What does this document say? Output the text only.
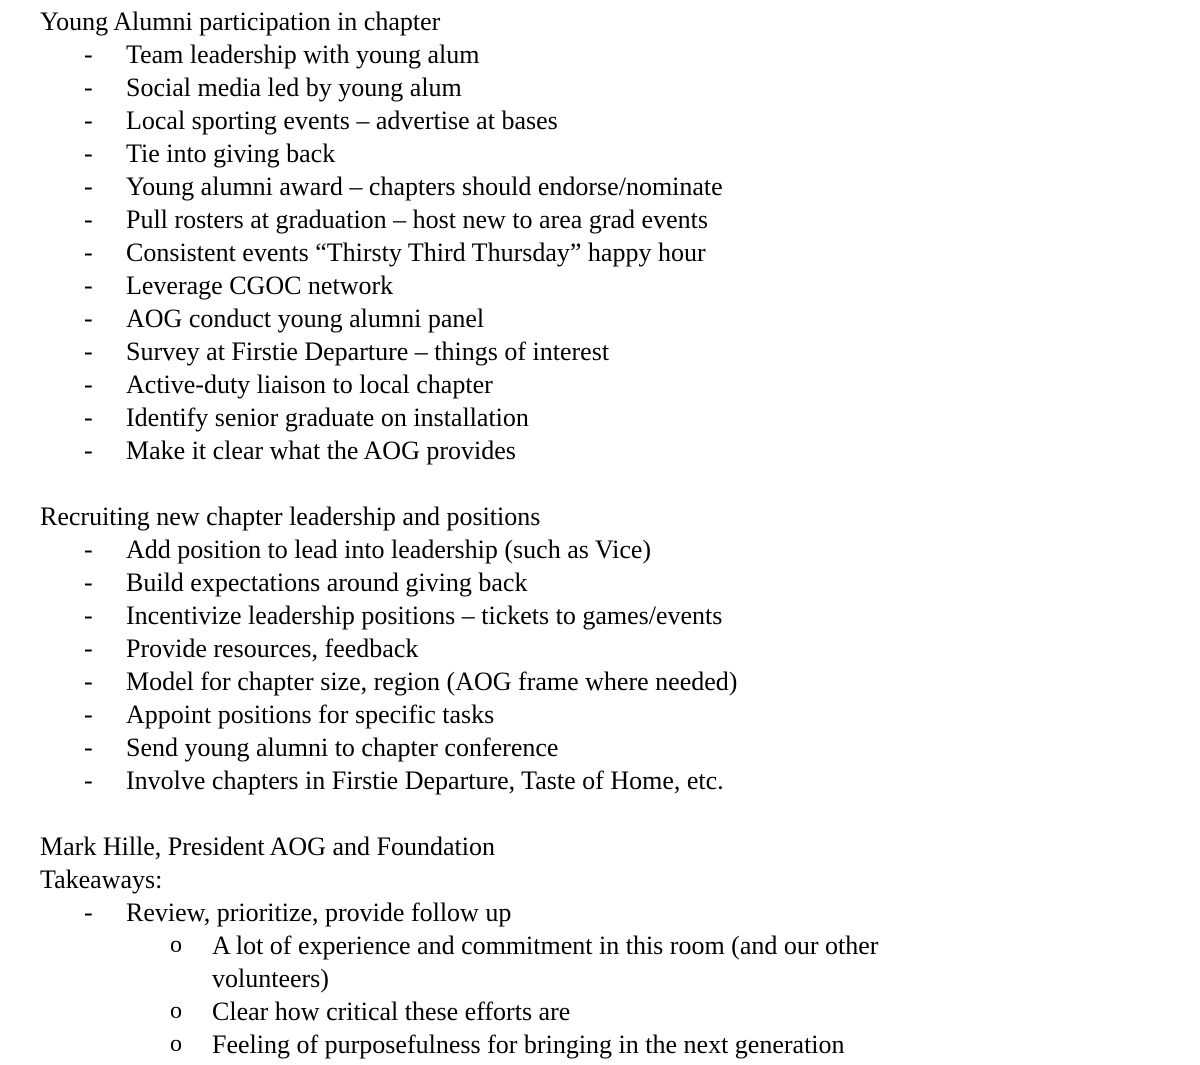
Young Alumni participation in chapter
-	Team leadership with young alum
-	Social media led by young alum
-	Local sporting events – advertise at bases
-	Tie into giving back
-	Young alumni award – chapters should endorse/nominate
-	Pull rosters at graduation – host new to area grad events
-	Consistent events “Thirsty Third Thursday” happy hour
-	Leverage CGOC network
-	AOG conduct young alumni panel
-	Survey at Firstie Departure – things of interest
-	Active-duty liaison to local chapter
-	Identify senior graduate on installation
-	Make it clear what the AOG provides
Recruiting new chapter leadership and positions
-	Add position to lead into leadership (such as Vice)
-	Build expectations around giving back
-	Incentivize leadership positions – tickets to games/events
-	Provide resources, feedback
-	Model for chapter size, region (AOG frame where needed)
-	Appoint positions for specific tasks
-	Send young alumni to chapter conference
-	Involve chapters in Firstie Departure, Taste of Home, etc.
Mark Hille, President AOG and Foundation
Takeaways:
-	Review, prioritize, provide follow up
o	A lot of experience and commitment in this room (and our other
volunteers)
o	Clear how critical these efforts are
o	Feeling of purposefulness for bringing in the next generation
